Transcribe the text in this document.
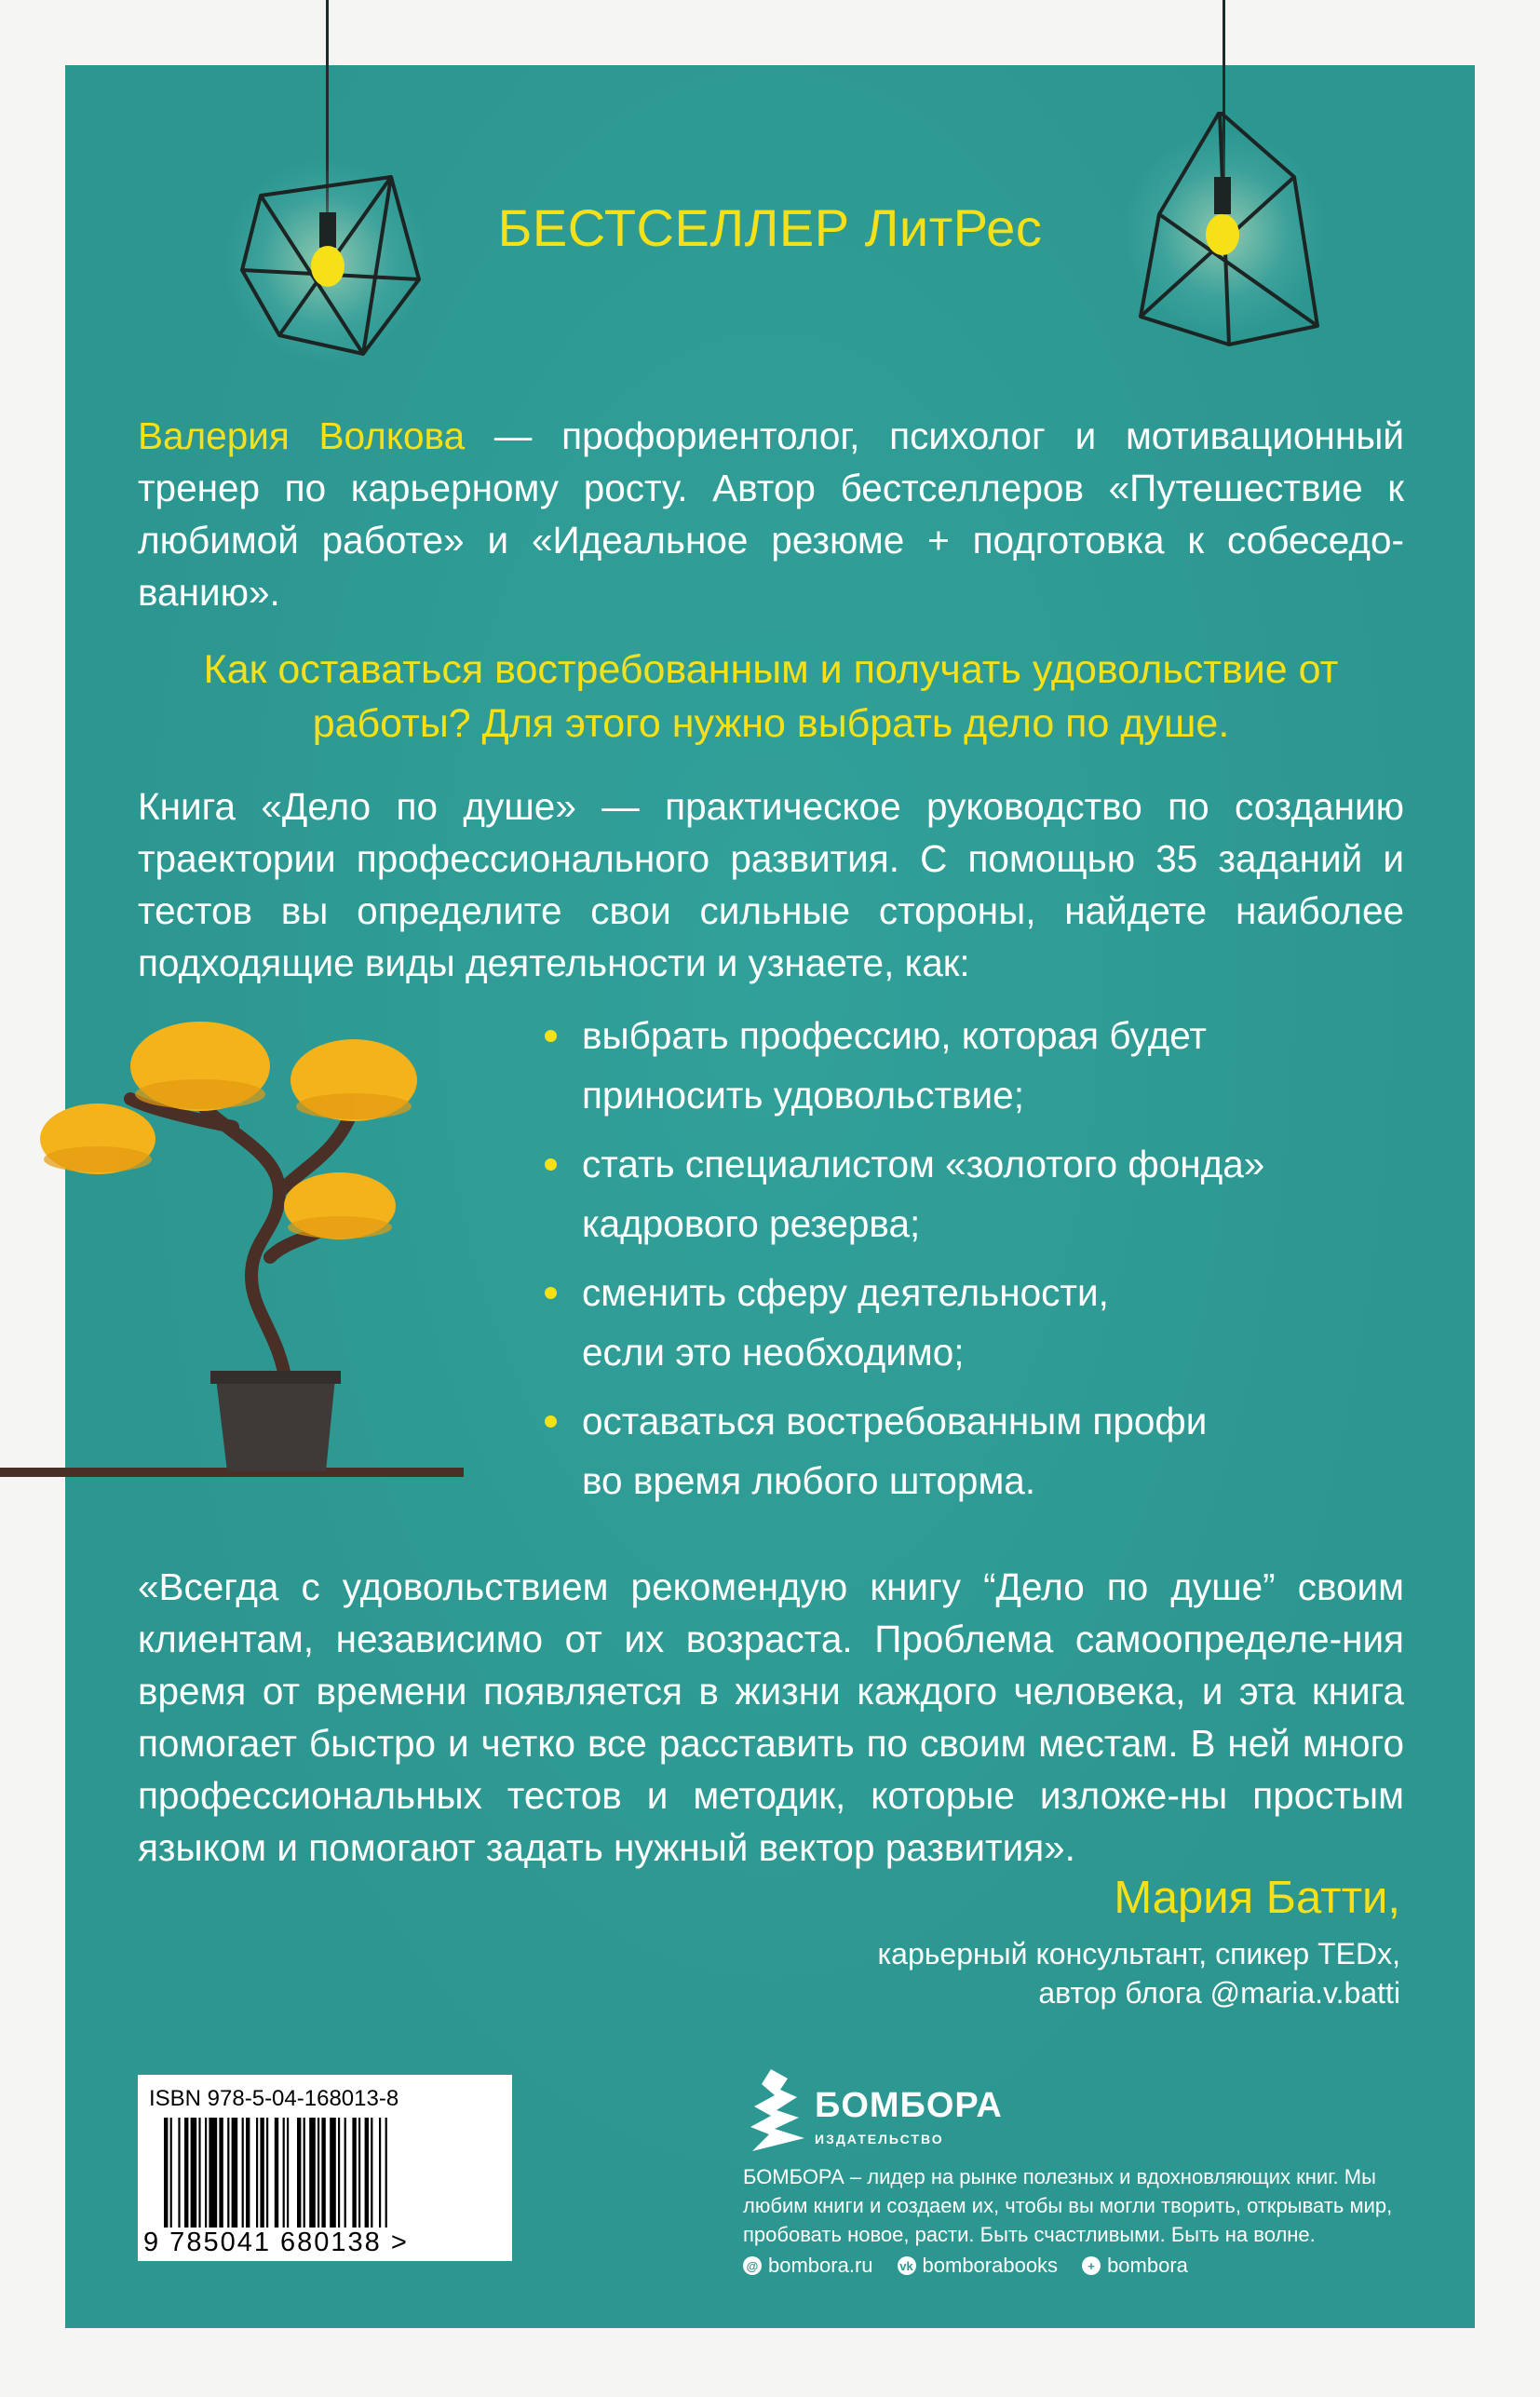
БЕСТСЕЛЛЕР ЛитРес
Валерия Волкова — профориентолог, психолог и мотивационный тренер по карьерному росту. Автор бестселлеров «Путешествие к любимой работе» и «Идеальное резюме + подготовка к собеседо-ванию».
Как оставаться востребованным и получать удовольствие от работы? Для этого нужно выбрать дело по душе.
Книга «Дело по душе» — практическое руководство по созданию траектории профессионального развития. С помощью 35 заданий и тестов вы определите свои сильные стороны, найдете наиболее подходящие виды деятельности и узнаете, как:
выбрать профессию, которая будет
приносить удовольствие;
стать специалистом «золотого фонда»
кадрового резерва;
сменить сферу деятельности,
если это необходимо;
оставаться востребованным профи
во время любого шторма.
«Всегда с удовольствием рекомендую книгу “Дело по душе” своим клиентам, независимо от их возраста. Проблема самоопределе-ния время от времени появляется в жизни каждого человека, и эта книга помогает быстро и четко все расставить по своим местам. В ней много профессиональных тестов и методик, которые изложе-ны простым языком и помогают задать нужный вектор развития».
Мария Батти,
карьерный консультант, спикер TEDx,
автор блога @maria.v.batti
ISBN 978-5-04-168013-8
9 785041 680138 >
БОМБОРА
ИЗДАТЕЛЬСТВО
БОМБОРА – лидер на рынке полезных и вдохновляющих книг. Мы любим книги и создаем их, чтобы вы могли творить, открывать мир, пробовать новое, расти. Быть счастливыми. Быть на волне.
@ bombora.ru vk bomborabooks	+ bombora
